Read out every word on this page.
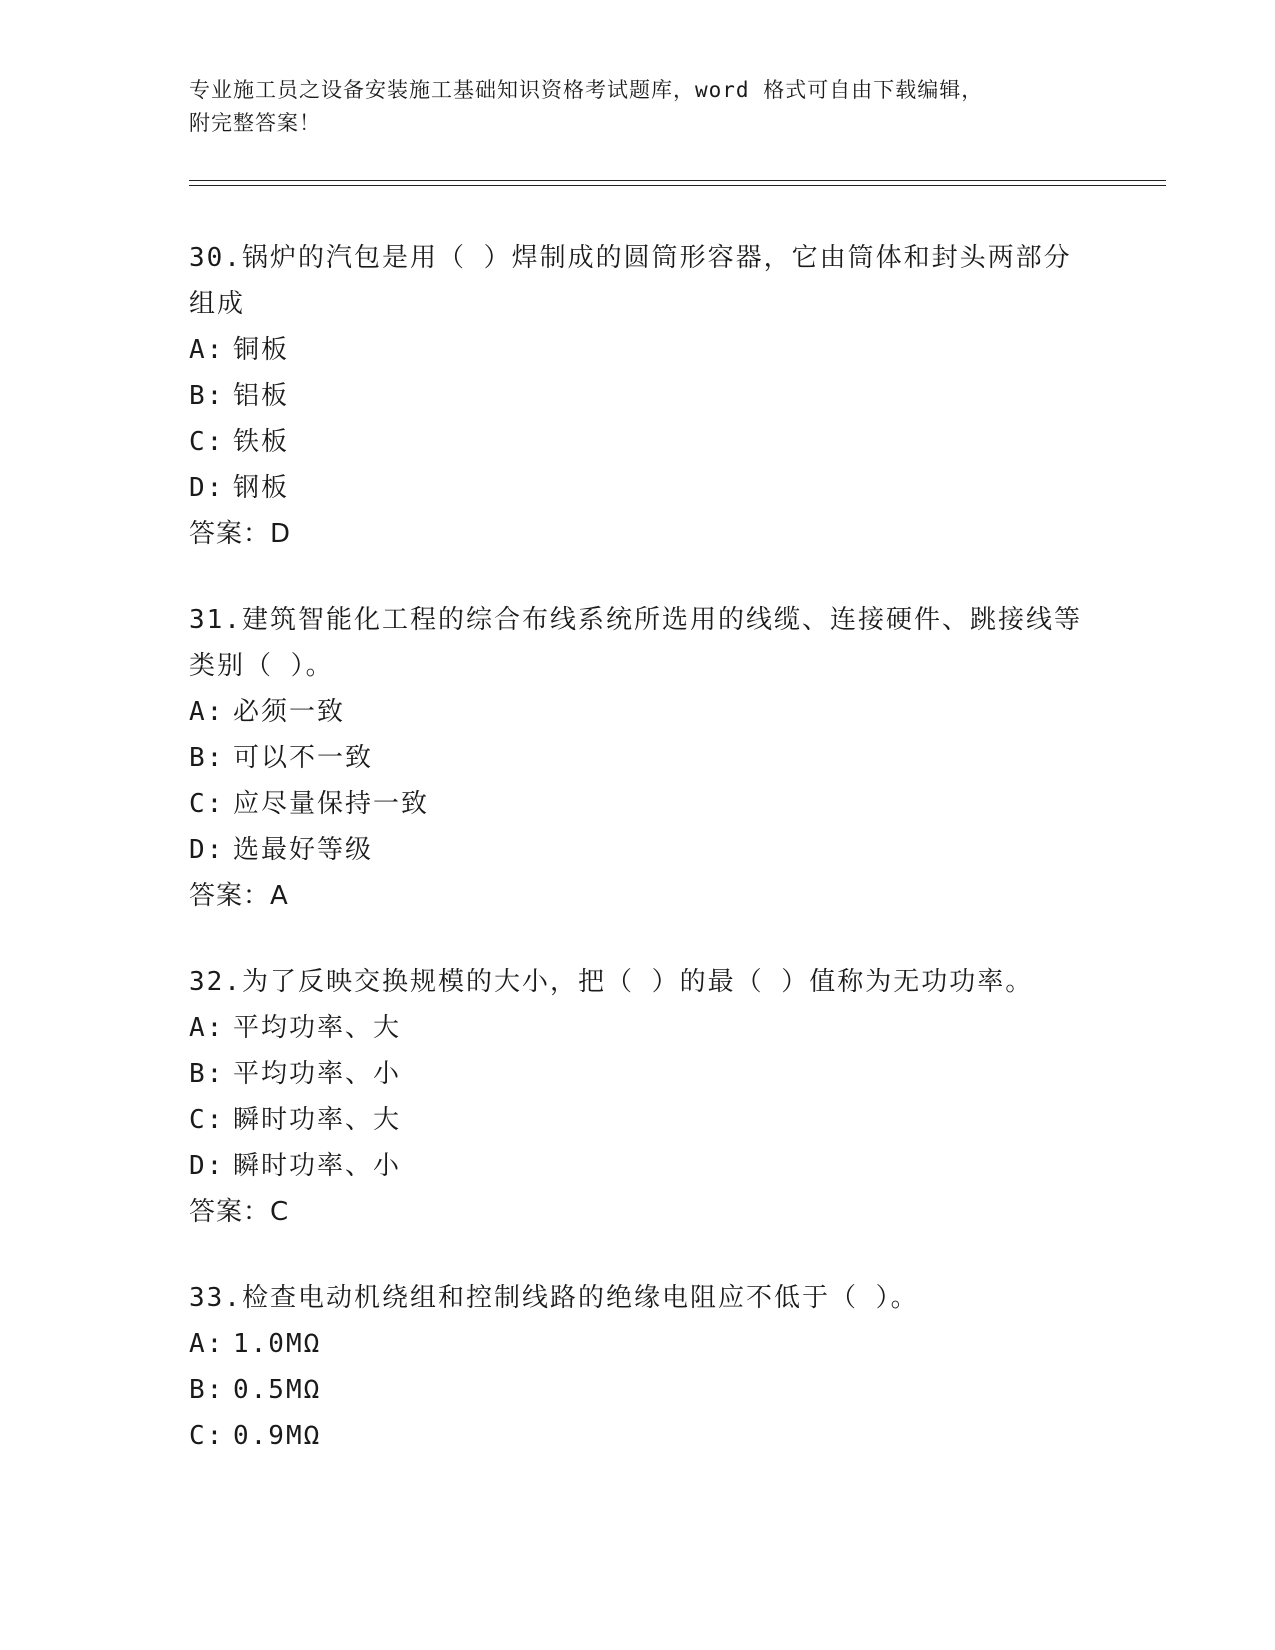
专业施工员之设备安装施工基础知识资格考试题库，word 格式可自由下载编辑，
附完整答案！
30.锅炉的汽包是用（ ）焊制成的圆筒形容器，它由筒体和封头两部分组成
A: 铜板
B: 铝板
C: 铁板
D: 钢板
答案：D
31.建筑智能化工程的综合布线系统所选用的线缆、连接硬件、跳接线等类别（ ）。
A: 必须一致
B: 可以不一致
C: 应尽量保持一致
D: 选最好等级
答案：A
32.为了反映交换规模的大小，把（ ）的最（ ）值称为无功功率。
A: 平均功率、大
B: 平均功率、小
C: 瞬时功率、大
D: 瞬时功率、小
答案：C
33.检查电动机绕组和控制线路的绝缘电阻应不低于（ ）。
A: 1.0MΩ
B: 0.5MΩ
C: 0.9MΩ
